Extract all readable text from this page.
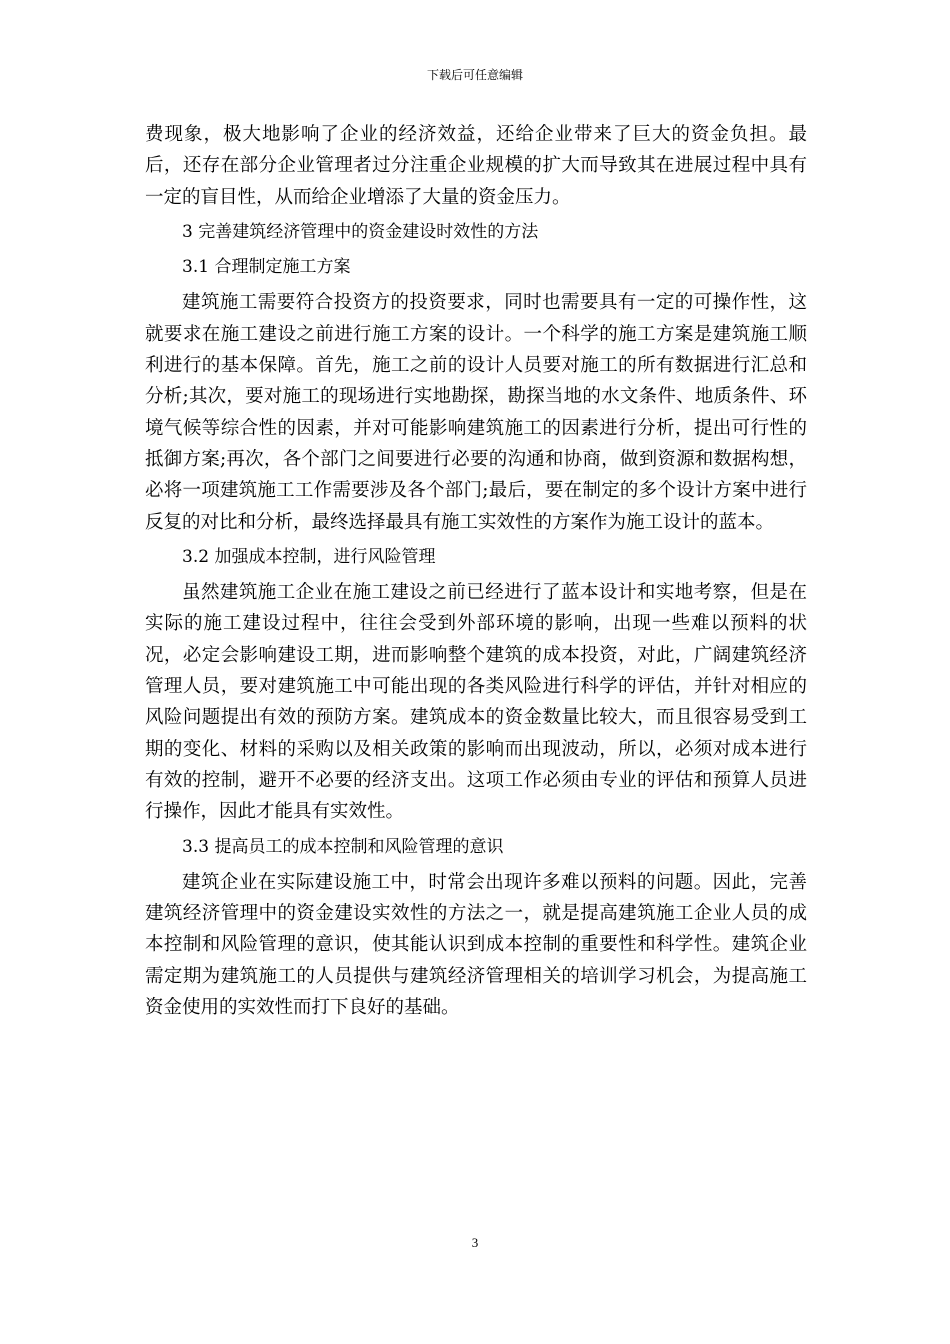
下载后可任意编辑

费现象，极大地影响了企业的经济效益，还给企业带来了巨大的资金负担。最后，还存在部分企业管理者过分注重企业规模的扩大而导致其在进展过程中具有一定的盲目性，从而给企业增添了大量的资金压力。

3 完善建筑经济管理中的资金建设时效性的方法

3.1 合理制定施工方案

建筑施工需要符合投资方的投资要求，同时也需要具有一定的可操作性，这就要求在施工建设之前进行施工方案的设计。一个科学的施工方案是建筑施工顺利进行的基本保障。首先，施工之前的设计人员要对施工的所有数据进行汇总和分析;其次，要对施工的现场进行实地勘探，勘探当地的水文条件、地质条件、环境气候等综合性的因素，并对可能影响建筑施工的因素进行分析，提出可行性的抵御方案;再次，各个部门之间要进行必要的沟通和协商，做到资源和数据构想，必将一项建筑施工工作需要涉及各个部门;最后，要在制定的多个设计方案中进行反复的对比和分析，最终选择最具有施工实效性的方案作为施工设计的蓝本。

3.2 加强成本控制，进行风险管理

虽然建筑施工企业在施工建设之前已经进行了蓝本设计和实地考察，但是在实际的施工建设过程中，往往会受到外部环境的影响，出现一些难以预料的状况，必定会影响建设工期，进而影响整个建筑的成本投资，对此，广阔建筑经济管理人员，要对建筑施工中可能出现的各类风险进行科学的评估，并针对相应的风险问题提出有效的预防方案。建筑成本的资金数量比较大，而且很容易受到工期的变化、材料的采购以及相关政策的影响而出现波动，所以，必须对成本进行有效的控制，避开不必要的经济支出。这项工作必须由专业的评估和预算人员进行操作，因此才能具有实效性。

3.3 提高员工的成本控制和风险管理的意识

建筑企业在实际建设施工中，时常会出现许多难以预料的问题。因此，完善建筑经济管理中的资金建设实效性的方法之一，就是提高建筑施工企业人员的成本控制和风险管理的意识，使其能认识到成本控制的重要性和科学性。建筑企业需定期为建筑施工的人员提供与建筑经济管理相关的培训学习机会，为提高施工资金使用的实效性而打下良好的基础。

3
